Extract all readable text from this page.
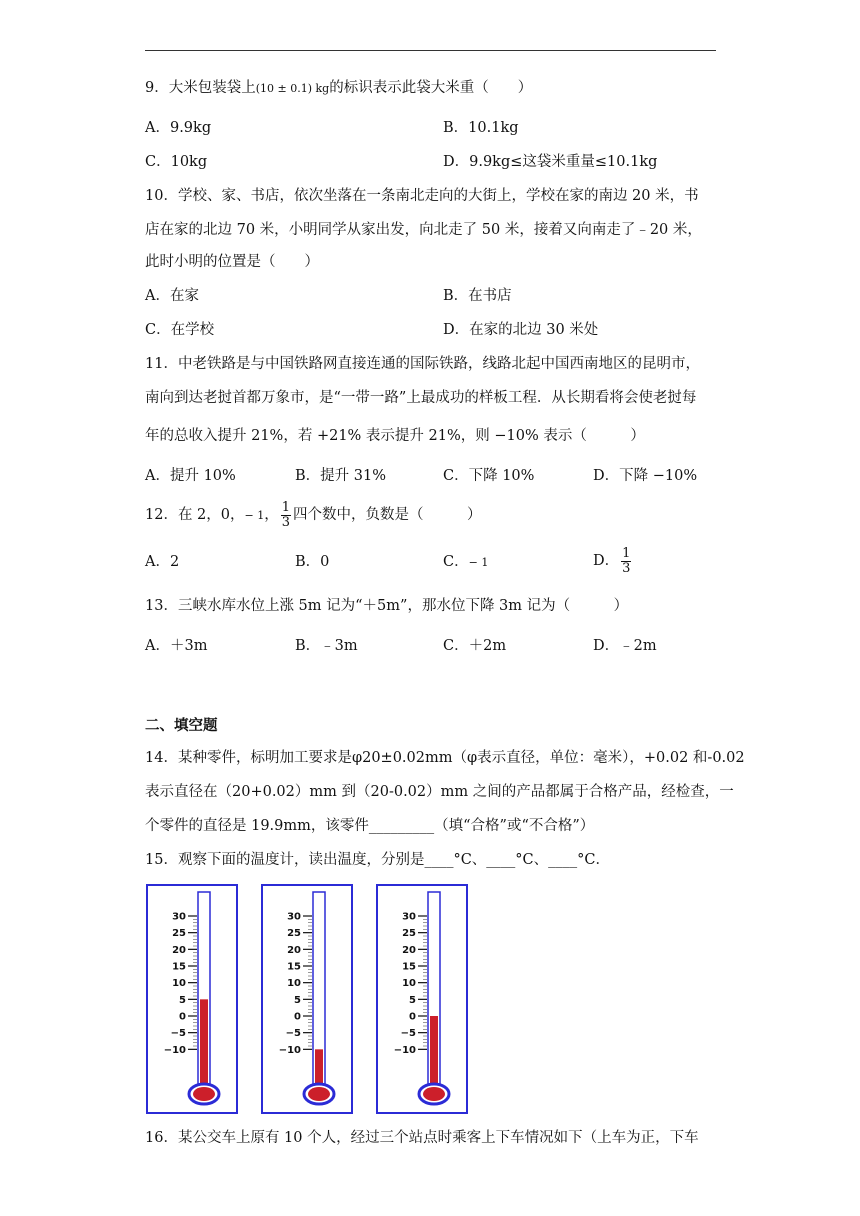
9．大米包装袋上(10 ± 0.1) kg的标识表示此袋大米重（　　）
A．9.9kg	B．10.1kg
C．10kg	D．9.9kg≤这袋米重量≤10.1kg
10．学校、家、书店，依次坐落在一条南北走向的大街上，学校在家的南边 20 米，书
店在家的北边 70 米，小明同学从家出发，向北走了 50 米，接着又向南走了﹣20 米，
此时小明的位置是（　　）
A．在家	B．在书店
C．在学校	D．在家的北边 30 米处
11．中老铁路是与中国铁路网直接连通的国际铁路，线路北起中国西南地区的昆明市，
南向到达老挝首都万象市，是“一带一路”上最成功的样板工程．从长期看将会使老挝每
年的总收入提升 21%，若 +21% 表示提升 21%，则 −10% 表示（　　　）
A．提升 10%	B．提升 31%	C．下降 10%	D．下降 −10%
12．在 2，0，− 1， $\frac{1}{3}$ 四个数中，负数是（　　　）
A．2	B．0	C．− 1	D． $\frac{1}{3}$
13．三峡水库水位上涨 5m 记为“＋5m”，那水位下降 3m 记为（　　　）
A．＋3m	B．﹣3m	C．＋2m	D．﹣2m
二、填空题
14．某种零件，标明加工要求是φ20±0.02mm（φ表示直径，单位：毫米），+0.02 和-0.02
表示直径在（20+0.02）mm 到（20-0.02）mm 之间的产品都属于合格产品，经检查，一
个零件的直径是 19.9mm，该零件_________（填“合格”或“不合格”）
15．观察下面的温度计，读出温度，分别是____°C、____°C、____°C．
30
25
20
15
10
5
0
−5
−10
30
25
20
15
10
5
0
−5
−10
30
25
20
15
10
5
0
−5
−10
16．某公交车上原有 10 个人，经过三个站点时乘客上下车情况如下（上车为正，下车
